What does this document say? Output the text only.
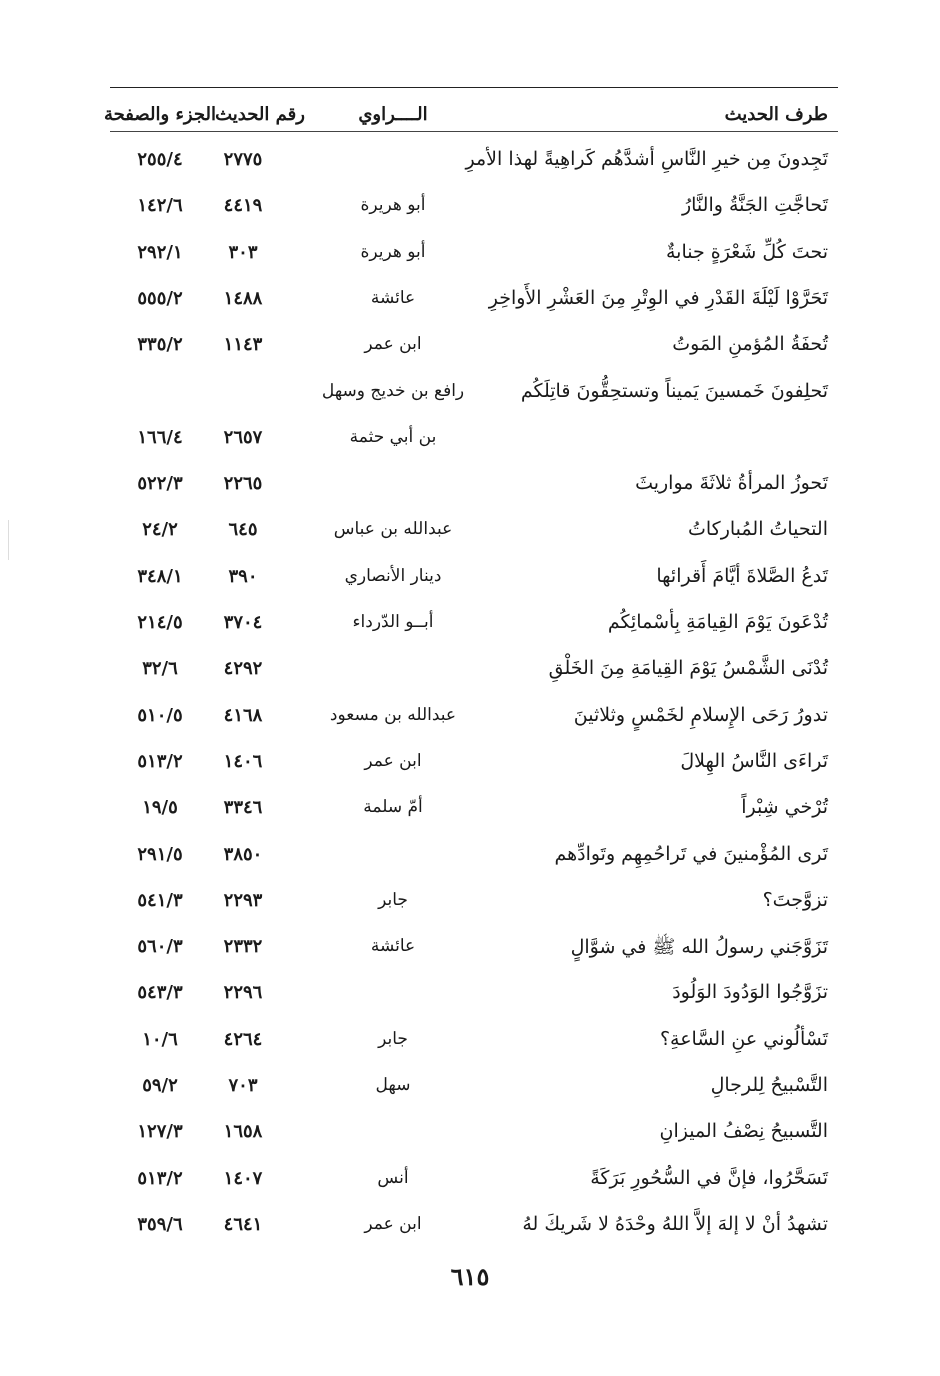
طرف الحديث
الــــراوي
رقم الحديث
الجزء والصفحة
تَجِدونَ مِن خيرِ النَّاسِ أشدَّهُم كَراهِيةً لهذا الأمرِ
٢٧٧٥
٢٥٥/٤
تَحاجَّتِ الجَنَّةُ والنَّارُ
أبو هريرة
٤٤١٩
١٤٢/٦
تحتَ كُلِّ شَعْرَةٍ جنابةٌ
أبو هريرة
٣٠٣
٢٩٢/١
تَحَرَّوْا لَيْلَةَ القَدْرِ في الوِتْرِ مِنَ العَشْرِ الأَواخِرِ
عائشة
١٤٨٨
٥٥٥/٢
تُحفَةُ المُؤمنِ المَوتُ
ابن عمر
١١٤٣
٣٣٥/٢
تَحلِفونَ خَمسينَ يَميناً وتستحِقُّونَ قاتِلَكُم
رافع بن خديج وسهل
بن أبي حثمة
٢٦٥٧
١٦٦/٤
تَحوزُ المرأةُ ثلاثَةَ مواريثَ
٢٢٦٥
٥٢٢/٣
التحياتُ المُباركاتُ
عبدالله بن عباس
٦٤٥
٢٤/٢
تَدعُ الصَّلاةَ أيَّامَ أَقرائها
دينار الأنصاري
٣٩٠
٣٤٨/١
تُدْعَونَ يَوْمَ القِيامَةِ بِأسْمائِكُم
أبــو الدّرداء
٣٧٠٤
٢١٤/٥
تُدْنَى الشَّمْسُ يَوْمَ القِيامَةِ مِنَ الخَلْقِ
٤٢٩٢
٣٢/٦
تدورُ رَحَى الإِسلامِ لخَمْسٍ وثلاثينَ
عبدالله بن مسعود
٤١٦٨
٥١٠/٥
تَراءَى النَّاسُ الهِلالَ
ابن عمر
١٤٠٦
٥١٣/٢
تُرْخي شِبْراً
أمّ سلمة
٣٣٤٦
١٩/٥
تَرى المُؤْمنينَ في تَراحُمِهِم وتَوادِّهم
٣٨٥٠
٢٩١/٥
تزوَّجتَ؟
جابر
٢٢٩٣
٥٤١/٣
تَزَوَّجَني رسولُ الله ﷺ في شوَّالٍ
عائشة
٢٣٣٢
٥٦٠/٣
تزَوَّجُوا الوَدُودَ الوَلُودَ
٢٢٩٦
٥٤٣/٣
تَسْألُوني عنِ السَّاعةِ؟
جابر
٤٢٦٤
١٠/٦
التَّسْبيحُ لِلرجالِ
سهل
٧٠٣
٥٩/٢
التَّسبيحُ نِصْفُ الميزانِ
١٦٥٨
١٢٧/٣
تَسَحَّرُوا، فإنَّ في السُّحُورِ بَرَكَةً
أنس
١٤٠٧
٥١٣/٢
تشهدُ أنْ لا إلهَ إلاَّ اللهُ وحْدَهُ لا شَريكَ لهُ
ابن عمر
٤٦٤١
٣٥٩/٦
٦١٥
